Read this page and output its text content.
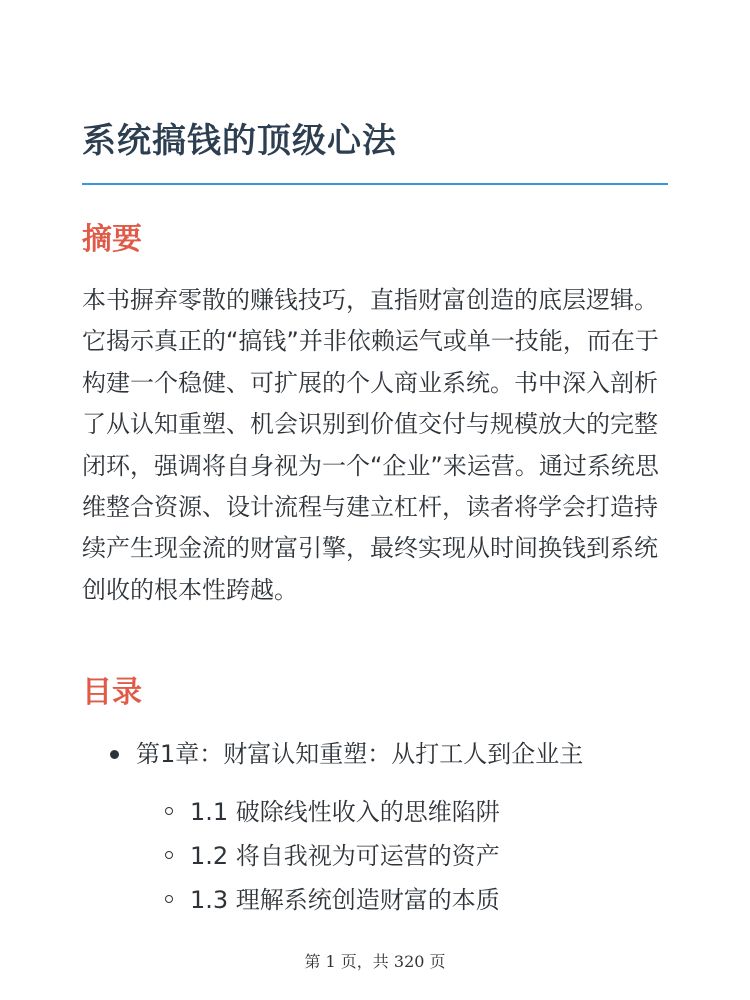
系统搞钱的顶级心法
摘要

本书摒弃零散的赚钱技巧，直指财富创造的底层逻辑。它揭示真正的“搞钱”并非依赖运气或单一技能，而在于构建一个稳健、可扩展的个人商业系统。书中深入剖析了从认知重塑、机会识别到价值交付与规模放大的完整闭环，强调将自身视为一个“企业”来运营。通过系统思维整合资源、设计流程与建立杠杆，读者将学会打造持续产生现金流的财富引擎，最终实现从时间换钱到系统创收的根本性跨越。

目录
第1章：财富认知重塑：从打工人到企业主
1.1 破除线性收入的思维陷阱
1.2 将自我视为可运营的资产
1.3 理解系统创造财富的本质
第 1 页，共 320 页
